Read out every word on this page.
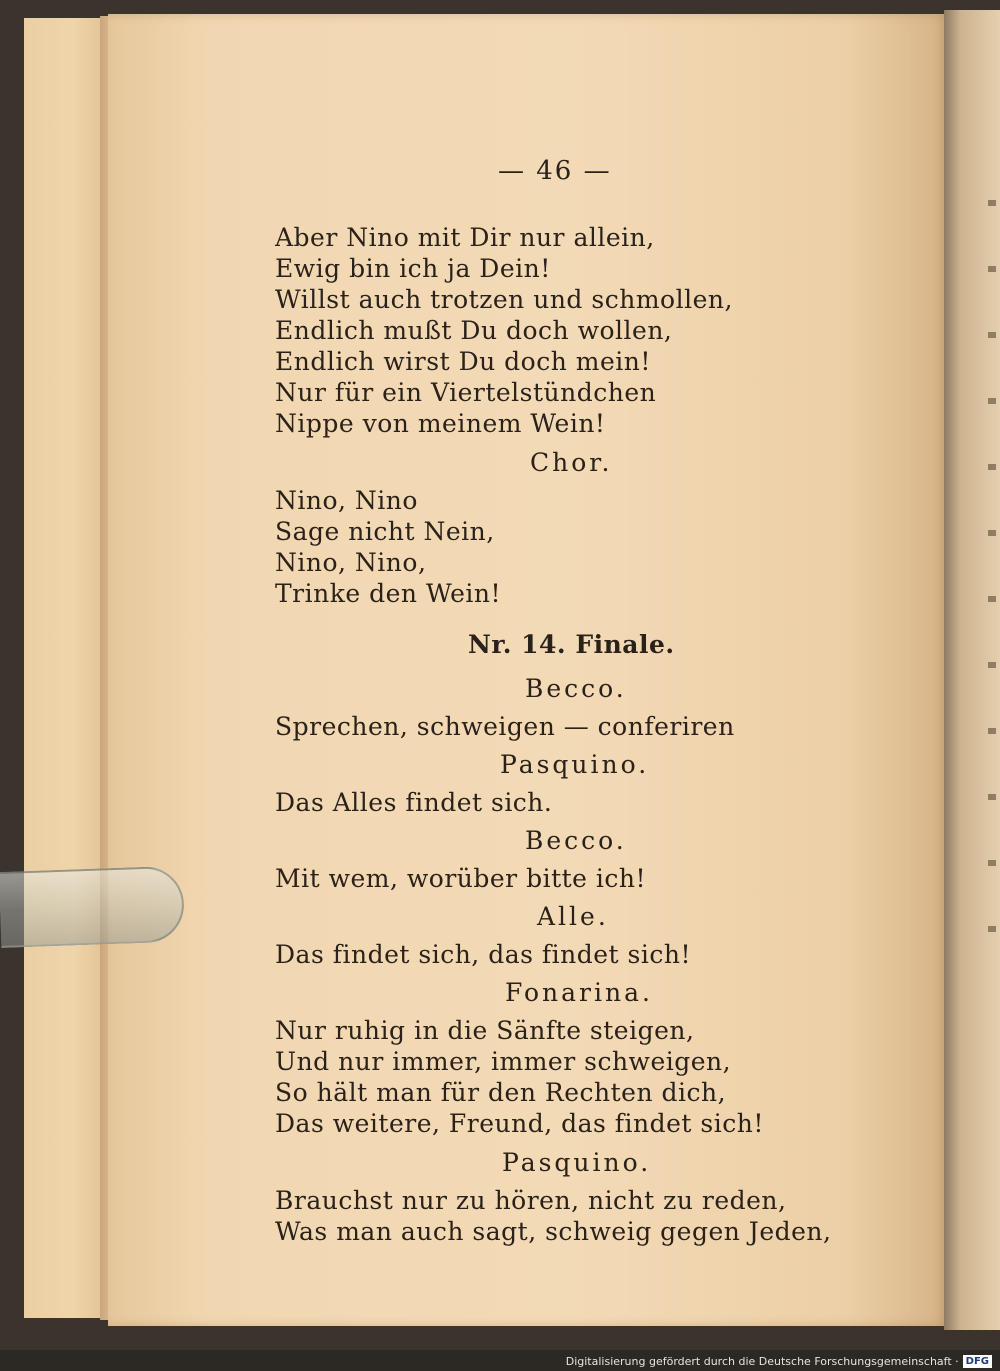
— 46 —
Aber Nino mit Dir nur allein,
Ewig bin ich ja Dein!
Willst auch trotzen und schmollen,
Endlich mußt Du doch wollen,
Endlich wirst Du doch mein!
Nur für ein Viertelstündchen
Nippe von meinem Wein!
Chor.
Nino, Nino
Sage nicht Nein,
Nino, Nino,
Trinke den Wein!
Nr. 14. Finale.
Becco.
Sprechen, schweigen — conferiren
Pasquino.
Das Alles findet sich.
Becco.
Mit wem, worüber bitte ich!
Alle.
Das findet sich, das findet sich!
Fonarina.
Nur ruhig in die Sänfte steigen,
Und nur immer, immer schweigen,
So hält man für den Rechten dich,
Das weitere, Freund, das findet sich!
Pasquino.
Brauchst nur zu hören, nicht zu reden,
Was man auch sagt, schweig gegen Jeden,
Digitalisierung gefördert durch die Deutsche Forschungsgemeinschaft · DFG
